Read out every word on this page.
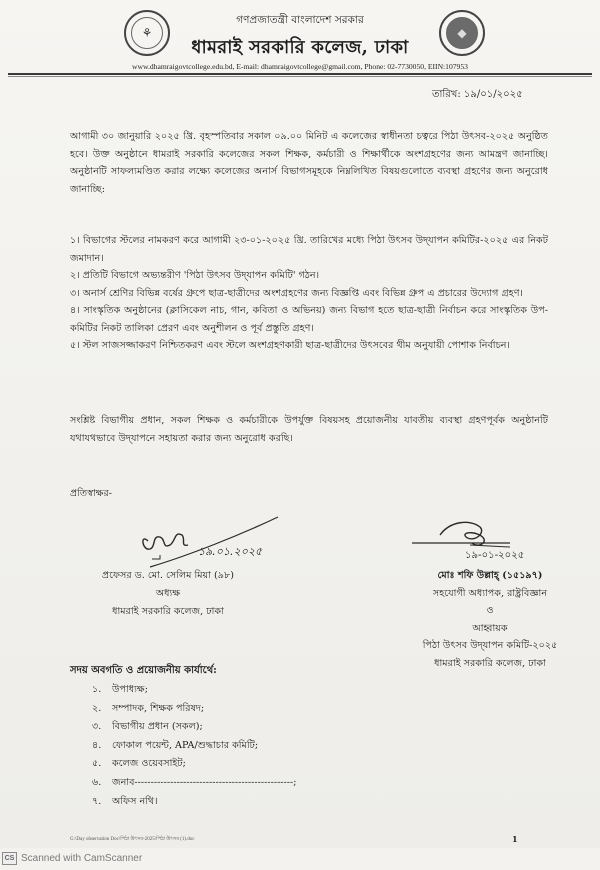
⚘	◆
গণপ্রজাতন্ত্রী বাংলাদেশ সরকার
ধামরাই সরকারি কলেজ, ঢাকা
www.dhamraigovtcollege.edu.bd, E-mail: dhamraigovtcollege@gmail.com, Phone: 02-7730050, EIIN:107953
তারিখ: ১৯/০১/২০২৫
আগামী ৩০ জানুয়ারি ২০২৫ খ্রি. বৃহস্পতিবার সকাল ০৯.০০ মিনিট এ কলেজের স্বাধীনতা চত্বরে পিঠা উৎসব-২০২৫ অনুষ্ঠিত হবে। উক্ত অনুষ্ঠানে ধামরাই সরকারি কলেজের সকল শিক্ষক, কর্মচারী ও শিক্ষার্থীকে অংশগ্রহণের জন্য আমন্ত্রণ জানাচ্ছি। অনুষ্ঠানটি সাফল্যমণ্ডিত করার লক্ষ্যে কলেজের অনার্স বিভাগসমূহকে নিম্নলিখিত বিষয়গুলোতে ব্যবস্থা গ্রহণের জন্য অনুরোধ জানাচ্ছি:
১। বিভাগের স্টলের নামকরণ করে আগামী ২৩-০১-২০২৫ খ্রি. তারিখের মধ্যে পিঠা উৎসব উদ্‌যাপন কমিটির-২০২৫ এর নিকট জমাদান।
২। প্রতিটি বিভাগে অভ্যন্তরীণ 'পিঠা উৎসব উদ্‌যাপন কমিটি' গঠন।
৩। অনার্স শ্রেণির বিভিন্ন বর্ষের গ্রুপে ছাত্র-ছাত্রীদের অংশগ্রহণের জন্য বিজ্ঞপ্তি এবং বিভিন্ন গ্রুপ এ প্রচারের উদ্যোগ গ্রহণ।
৪। সাংস্কৃতিক অনুষ্ঠানের (ক্লাসিকেল নাচ, গান, কবিতা ও অভিনয়) জন্য বিভাগ হতে ছাত্র-ছাত্রী নির্বাচন করে সাংস্কৃতিক উপ-কমিটির নিকট তালিকা প্রেরণ এবং অনুশীলন ও পূর্ব প্রস্তুতি গ্রহণ।
৫। স্টল সাজসজ্জাকরণ নিশ্চিতকরণ এবং স্টলে অংশগ্রহণকারী ছাত্র-ছাত্রীদের উৎসবের থীম অনুযায়ী পোশাক নির্বাচন।
সংশ্লিষ্ট বিভাগীয় প্রধান, সকল শিক্ষক ও কর্মচারীকে উপর্যুক্ত বিষয়সহ প্রয়োজনীয় যাবতীয় ব্যবস্থা গ্রহণপূর্বক অনুষ্ঠানটি যথাযথভাবে উদ্‌যাপনে সহায়তা করার জন্য অনুরোধ করছি।
প্রতিস্বাক্ষর-
১৯.০১.২০২৫
প্রফেসর ড. মো. সেলিম মিয়া (৯৮)
অধ্যক্ষ
ধামরাই সরকারি কলেজ, ঢাকা
১৯-০১-২০২৫
মোঃ শফি উল্লাহ্ (১৫১৯৭)
সহযোগী অধ্যাপক, রাষ্ট্রবিজ্ঞান
ও
আহ্বায়ক
পিঠা উৎসব উদ্‌যাপন কমিটি-২০২৫
ধামরাই সরকারি কলেজ, ঢাকা
সদয় অবগতি ও প্রয়োজনীয় কার্যার্থে:
১. উপাধ্যক্ষ;
২. সম্পাদক, শিক্ষক পরিষদ;
৩. বিভাগীয় প্রধান (সকল);
৪. ফোকাল পয়েন্ট, APA/শুদ্ধাচার কমিটি;
৫. কলেজ ওয়েবসাইট;
৬. জনাব-------------------------------------------------;
৭. অফিস নথি।
G:\Day observation Doc\পিঠা উৎসব-2025\পিঠা উৎসব (1).doc	1
CS Scanned with CamScanner
